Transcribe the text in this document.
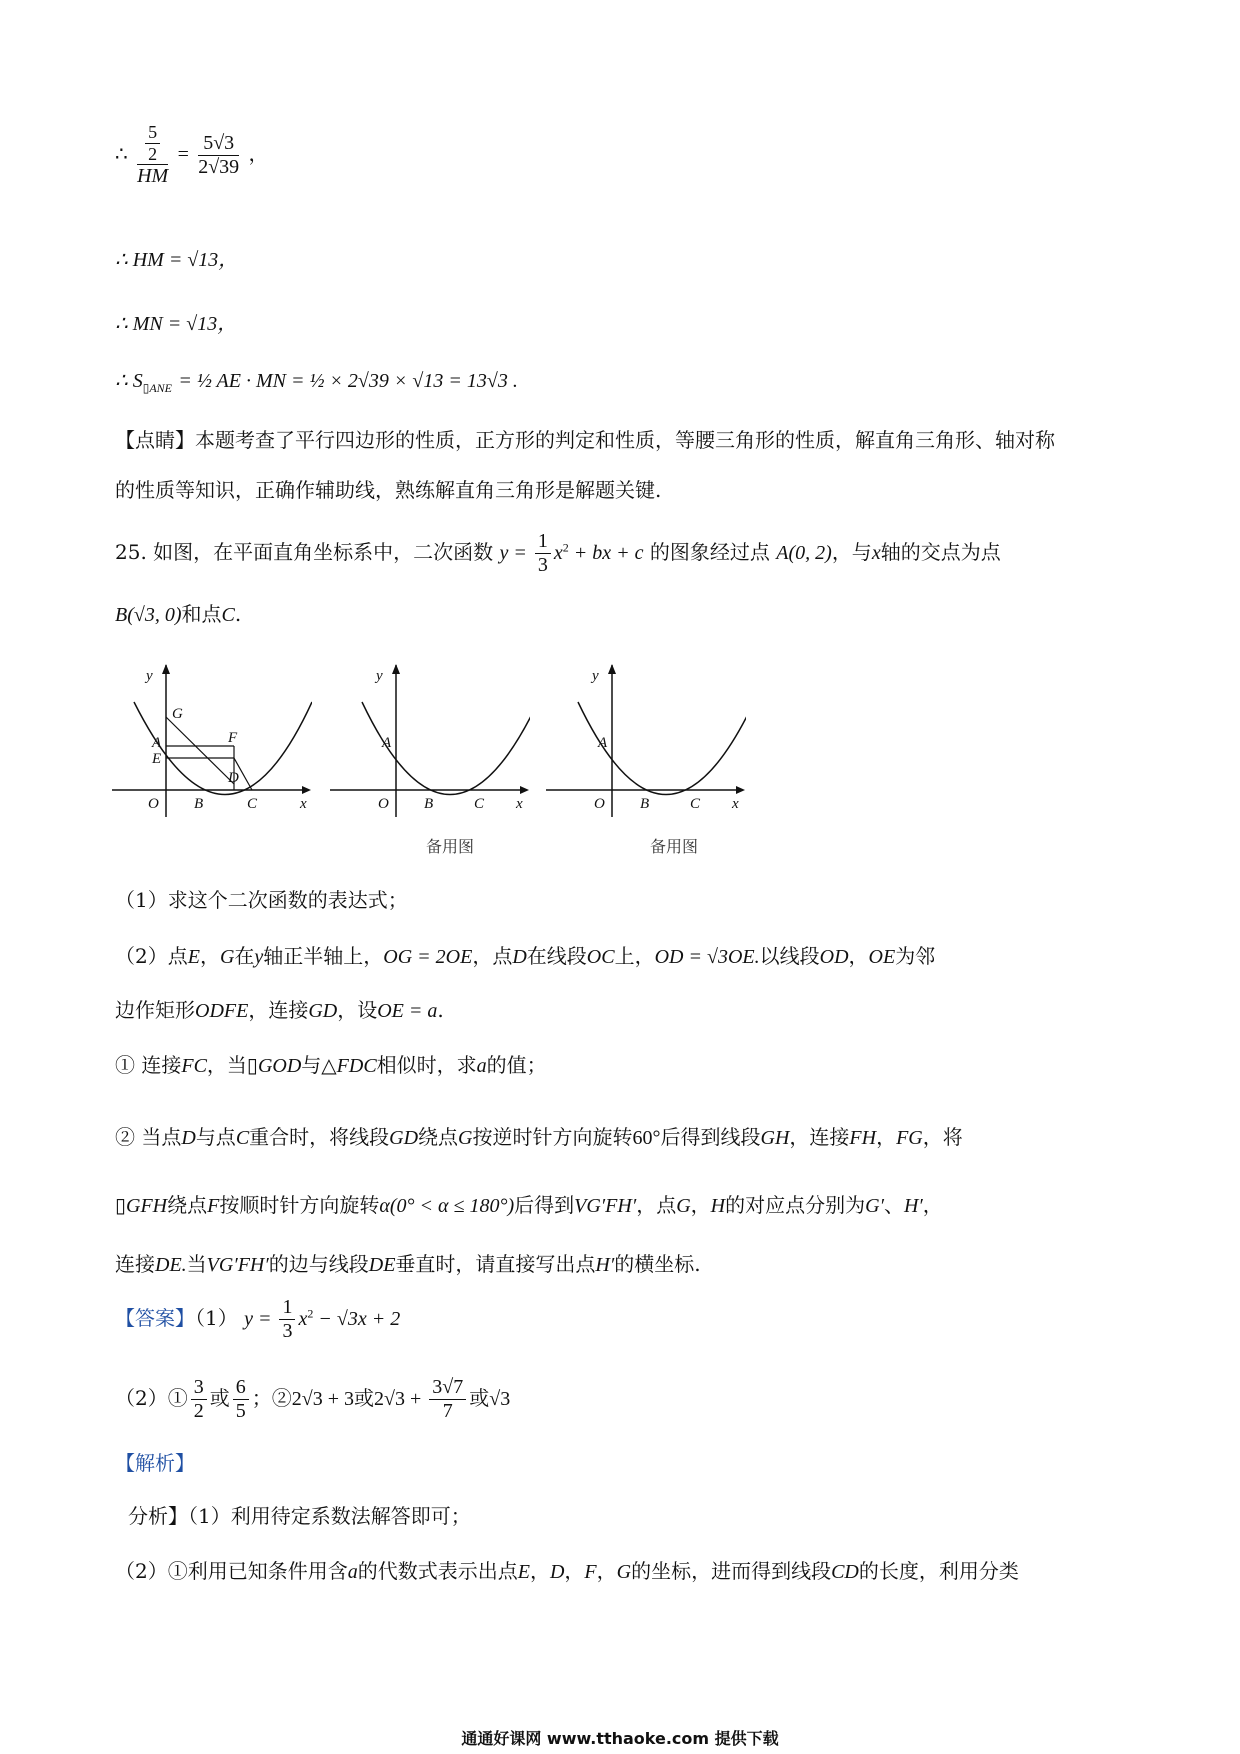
∴ $\frac{\frac{5}{2}}{HM} = \frac{5√3}{2√39}$ ，
∴ HM = √13，
∴ MN = √13，
∴ $S_{▯ANE}$ = ½ AE · MN = ½ × 2√39 × √13 = 13√3 .
【点睛】本题考查了平行四边形的性质，正方形的判定和性质，等腰三角形的性质，解直角三角形、轴对称
的性质等知识，正确作辅助线，熟练解直角三角形是解题关键.
25. 如图，在平面直角坐标系中，二次函数 $y = \frac{1}{3} x^2$ + bx + c 的图象经过点 A(0, 2)，与x轴的交点为点
B(√3, 0)和点C.
y
G
A	F
E
D
O B	C	x
y
A
O B	C x
备用图
y
A
O B	C x
备用图
（1）求这个二次函数的表达式；
（2）点E，G在y轴正半轴上，OG = 2OE，点D在线段OC上，OD = √3OE.以线段OD，OE为邻
边作矩形ODFE，连接GD，设OE = a.
① 连接FC，当▯GOD与△FDC相似时，求a的值；
② 当点D与点C重合时，将线段GD绕点G按逆时针方向旋转60°后得到线段GH，连接FH，FG，将
▯GFH绕点F按顺时针方向旋转α(0° < α ≤ 180°)后得到VG′FH′，点G，H的对应点分别为G′、H′，
连接DE.当VG′FH′的边与线段DE垂直时，请直接写出点H′的横坐标.
【答案】（1） $y = \frac{1}{3} x^2 - √3x + 2$
（2）① $\frac{3}{2}$ 或 $\frac{6}{5}$ ；②2√3 + 3或$2√3 + \frac{3√7}{7}$ 或√3
【解析】
分析】（1）利用待定系数法解答即可；
（2）①利用已知条件用含a的代数式表示出点E，D，F，G的坐标，进而得到线段CD的长度，利用分类
通通好课网 www.tthaoke.com 提供下载
